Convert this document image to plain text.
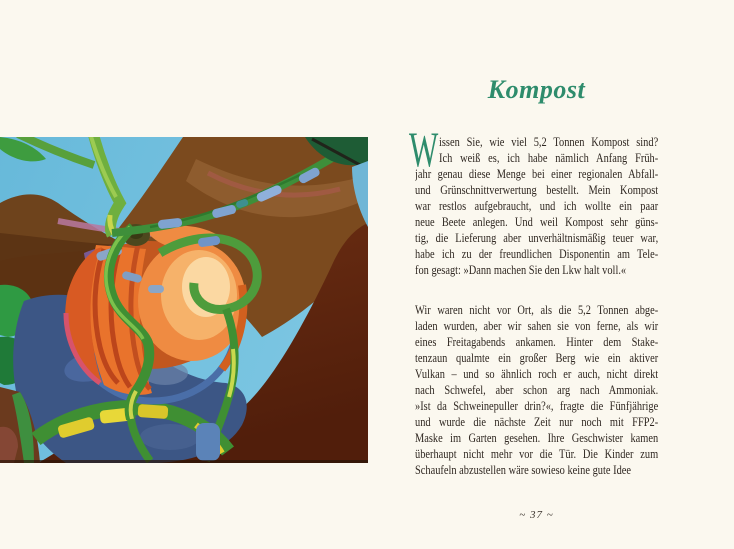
Kompost
W issen Sie, wie viel 5,2 Tonnen Kompost sind?
Ich weiß es, ich habe nämlich Anfang Früh-
jahr genau diese Menge bei einer regionalen Abfall-
und Grünschnittverwertung bestellt. Mein Kompost
war restlos aufgebraucht, und ich wollte ein paar
neue Beete anlegen. Und weil Kompost sehr güns-
tig, die Lieferung aber unverhältnismäßig teuer war,
habe ich zu der freundlichen Disponentin am Tele-
fon gesagt: »Dann machen Sie den Lkw halt voll.«
Wir waren nicht vor Ort, als die 5,2 Tonnen abge-
laden wurden, aber wir sahen sie von ferne, als wir
eines Freitagabends ankamen. Hinter dem Stake-
tenzaun qualmte ein großer Berg wie ein aktiver
Vulkan – und so ähnlich roch er auch, nicht direkt
nach Schwefel, aber schon arg nach Ammoniak.
»Ist da Schweinepuller drin?«, fragte die Fünfjährige
und wurde die nächste Zeit nur noch mit FFP2-
Maske im Garten gesehen. Ihre Geschwister kamen
überhaupt nicht mehr vor die Tür. Die Kinder zum
Schaufeln abzustellen wäre sowieso keine gute Idee
~ 37 ~
